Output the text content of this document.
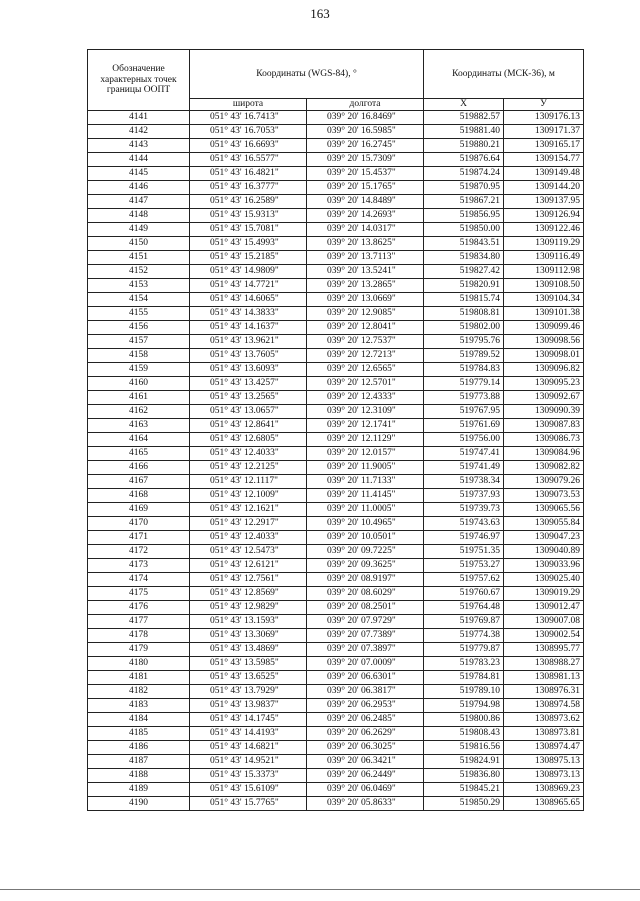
163
Обозначение характерных точек границы ООПТ	Координаты (WGS-84), °		Координаты (МСК-36), м	
	широта	долгота	Х	У
4141	051° 43' 16.7413"	039° 20' 16.8469"	519882.57	1309176.13
4142	051° 43' 16.7053"	039° 20' 16.5985"	519881.40	1309171.37
4143	051° 43' 16.6693"	039° 20' 16.2745"	519880.21	1309165.17
4144	051° 43' 16.5577"	039° 20' 15.7309"	519876.64	1309154.77
4145	051° 43' 16.4821"	039° 20' 15.4537"	519874.24	1309149.48
4146	051° 43' 16.3777"	039° 20' 15.1765"	519870.95	1309144.20
4147	051° 43' 16.2589"	039° 20' 14.8489"	519867.21	1309137.95
4148	051° 43' 15.9313"	039° 20' 14.2693"	519856.95	1309126.94
4149	051° 43' 15.7081"	039° 20' 14.0317"	519850.00	1309122.46
4150	051° 43' 15.4993"	039° 20' 13.8625"	519843.51	1309119.29
4151	051° 43' 15.2185"	039° 20' 13.7113"	519834.80	1309116.49
4152	051° 43' 14.9809"	039° 20' 13.5241"	519827.42	1309112.98
4153	051° 43' 14.7721"	039° 20' 13.2865"	519820.91	1309108.50
4154	051° 43' 14.6065"	039° 20' 13.0669"	519815.74	1309104.34
4155	051° 43' 14.3833"	039° 20' 12.9085"	519808.81	1309101.38
4156	051° 43' 14.1637"	039° 20' 12.8041"	519802.00	1309099.46
4157	051° 43' 13.9621"	039° 20' 12.7537"	519795.76	1309098.56
4158	051° 43' 13.7605"	039° 20' 12.7213"	519789.52	1309098.01
4159	051° 43' 13.6093"	039° 20' 12.6565"	519784.83	1309096.82
4160	051° 43' 13.4257"	039° 20' 12.5701"	519779.14	1309095.23
4161	051° 43' 13.2565"	039° 20' 12.4333"	519773.88	1309092.67
4162	051° 43' 13.0657"	039° 20' 12.3109"	519767.95	1309090.39
4163	051° 43' 12.8641"	039° 20' 12.1741"	519761.69	1309087.83
4164	051° 43' 12.6805"	039° 20' 12.1129"	519756.00	1309086.73
4165	051° 43' 12.4033"	039° 20' 12.0157"	519747.41	1309084.96
4166	051° 43' 12.2125"	039° 20' 11.9005"	519741.49	1309082.82
4167	051° 43' 12.1117"	039° 20' 11.7133"	519738.34	1309079.26
4168	051° 43' 12.1009"	039° 20' 11.4145"	519737.93	1309073.53
4169	051° 43' 12.1621"	039° 20' 11.0005"	519739.73	1309065.56
4170	051° 43' 12.2917"	039° 20' 10.4965"	519743.63	1309055.84
4171	051° 43' 12.4033"	039° 20' 10.0501"	519746.97	1309047.23
4172	051° 43' 12.5473"	039° 20' 09.7225"	519751.35	1309040.89
4173	051° 43' 12.6121"	039° 20' 09.3625"	519753.27	1309033.96
4174	051° 43' 12.7561"	039° 20' 08.9197"	519757.62	1309025.40
4175	051° 43' 12.8569"	039° 20' 08.6029"	519760.67	1309019.29
4176	051° 43' 12.9829"	039° 20' 08.2501"	519764.48	1309012.47
4177	051° 43' 13.1593"	039° 20' 07.9729"	519769.87	1309007.08
4178	051° 43' 13.3069"	039° 20' 07.7389"	519774.38	1309002.54
4179	051° 43' 13.4869"	039° 20' 07.3897"	519779.87	1308995.77
4180	051° 43' 13.5985"	039° 20' 07.0009"	519783.23	1308988.27
4181	051° 43' 13.6525"	039° 20' 06.6301"	519784.81	1308981.13
4182	051° 43' 13.7929"	039° 20' 06.3817"	519789.10	1308976.31
4183	051° 43' 13.9837"	039° 20' 06.2953"	519794.98	1308974.58
4184	051° 43' 14.1745"	039° 20' 06.2485"	519800.86	1308973.62
4185	051° 43' 14.4193"	039° 20' 06.2629"	519808.43	1308973.81
4186	051° 43' 14.6821"	039° 20' 06.3025"	519816.56	1308974.47
4187	051° 43' 14.9521"	039° 20' 06.3421"	519824.91	1308975.13
4188	051° 43' 15.3373"	039° 20' 06.2449"	519836.80	1308973.13
4189	051° 43' 15.6109"	039° 20' 06.0469"	519845.21	1308969.23
4190	051° 43' 15.7765"	039° 20' 05.8633"	519850.29	1308965.65
